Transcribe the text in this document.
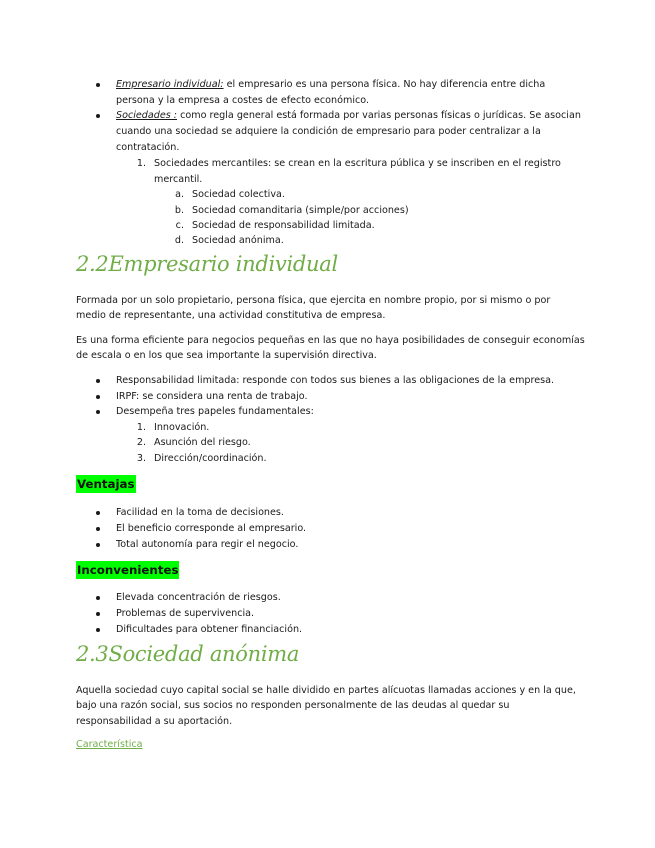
Empresario individual: el empresario es una persona física. No hay diferencia entre dicha
persona y la empresa a costes de efecto económico.
Sociedades : como regla general está formada por varias personas físicas o jurídicas. Se asocian
cuando una sociedad se adquiere la condición de empresario para poder centralizar a la
contratación.
1. Sociedades mercantiles: se crean en la escritura pública y se inscriben en el registro
mercantil.
a. Sociedad colectiva.
b. Sociedad comanditaria (simple/por acciones)
c. Sociedad de responsabilidad limitada.
d. Sociedad anónima.
2.2Empresario individual
Formada por un solo propietario, persona física, que ejercita en nombre propio, por si mismo o por
medio de representante, una actividad constitutiva de empresa.
Es una forma eficiente para negocios pequeñas en las que no haya posibilidades de conseguir economías
de escala o en los que sea importante la supervisión directiva.
Responsabilidad limitada: responde con todos sus bienes a las obligaciones de la empresa.
IRPF: se considera una renta de trabajo.
Desempeña tres papeles fundamentales:
1. Innovación.
2. Asunción del riesgo.
3. Dirección/coordinación.
Ventajas
Facilidad en la toma de decisiones.
El beneficio corresponde al empresario.
Total autonomía para regir el negocio.
Inconvenientes
Elevada concentración de riesgos.
Problemas de supervivencia.
Dificultades para obtener financiación.
2.3Sociedad anónima
Aquella sociedad cuyo capital social se halle dividido en partes alícuotas llamadas acciones y en la que,
bajo una razón social, sus socios no responden personalmente de las deudas al quedar su
responsabilidad a su aportación.
Característica
